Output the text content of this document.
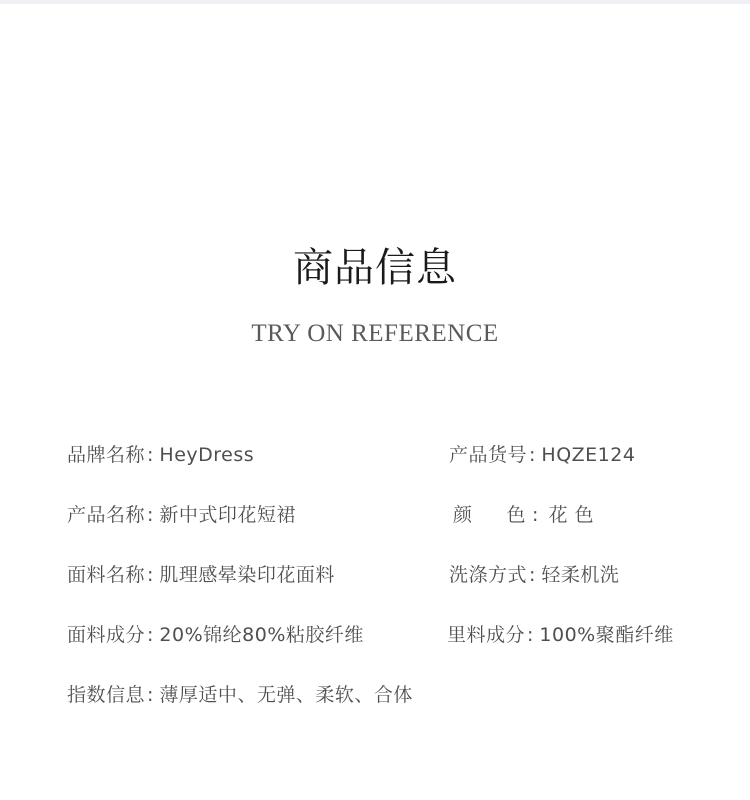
商品信息
TRY ON REFERENCE
品牌名称 : HeyDress	产品货号 : HQZE124
产品名称 : 新中式印花短裙	颜 色 : 花 色
面料名称 : 肌理感晕染印花面料	洗涤方式 : 轻柔机洗
面料成分 : 20%锦纶80%粘胶纤维	里料成分 : 100%聚酯纤维
指数信息 : 薄厚适中、无弹、柔软、合体
